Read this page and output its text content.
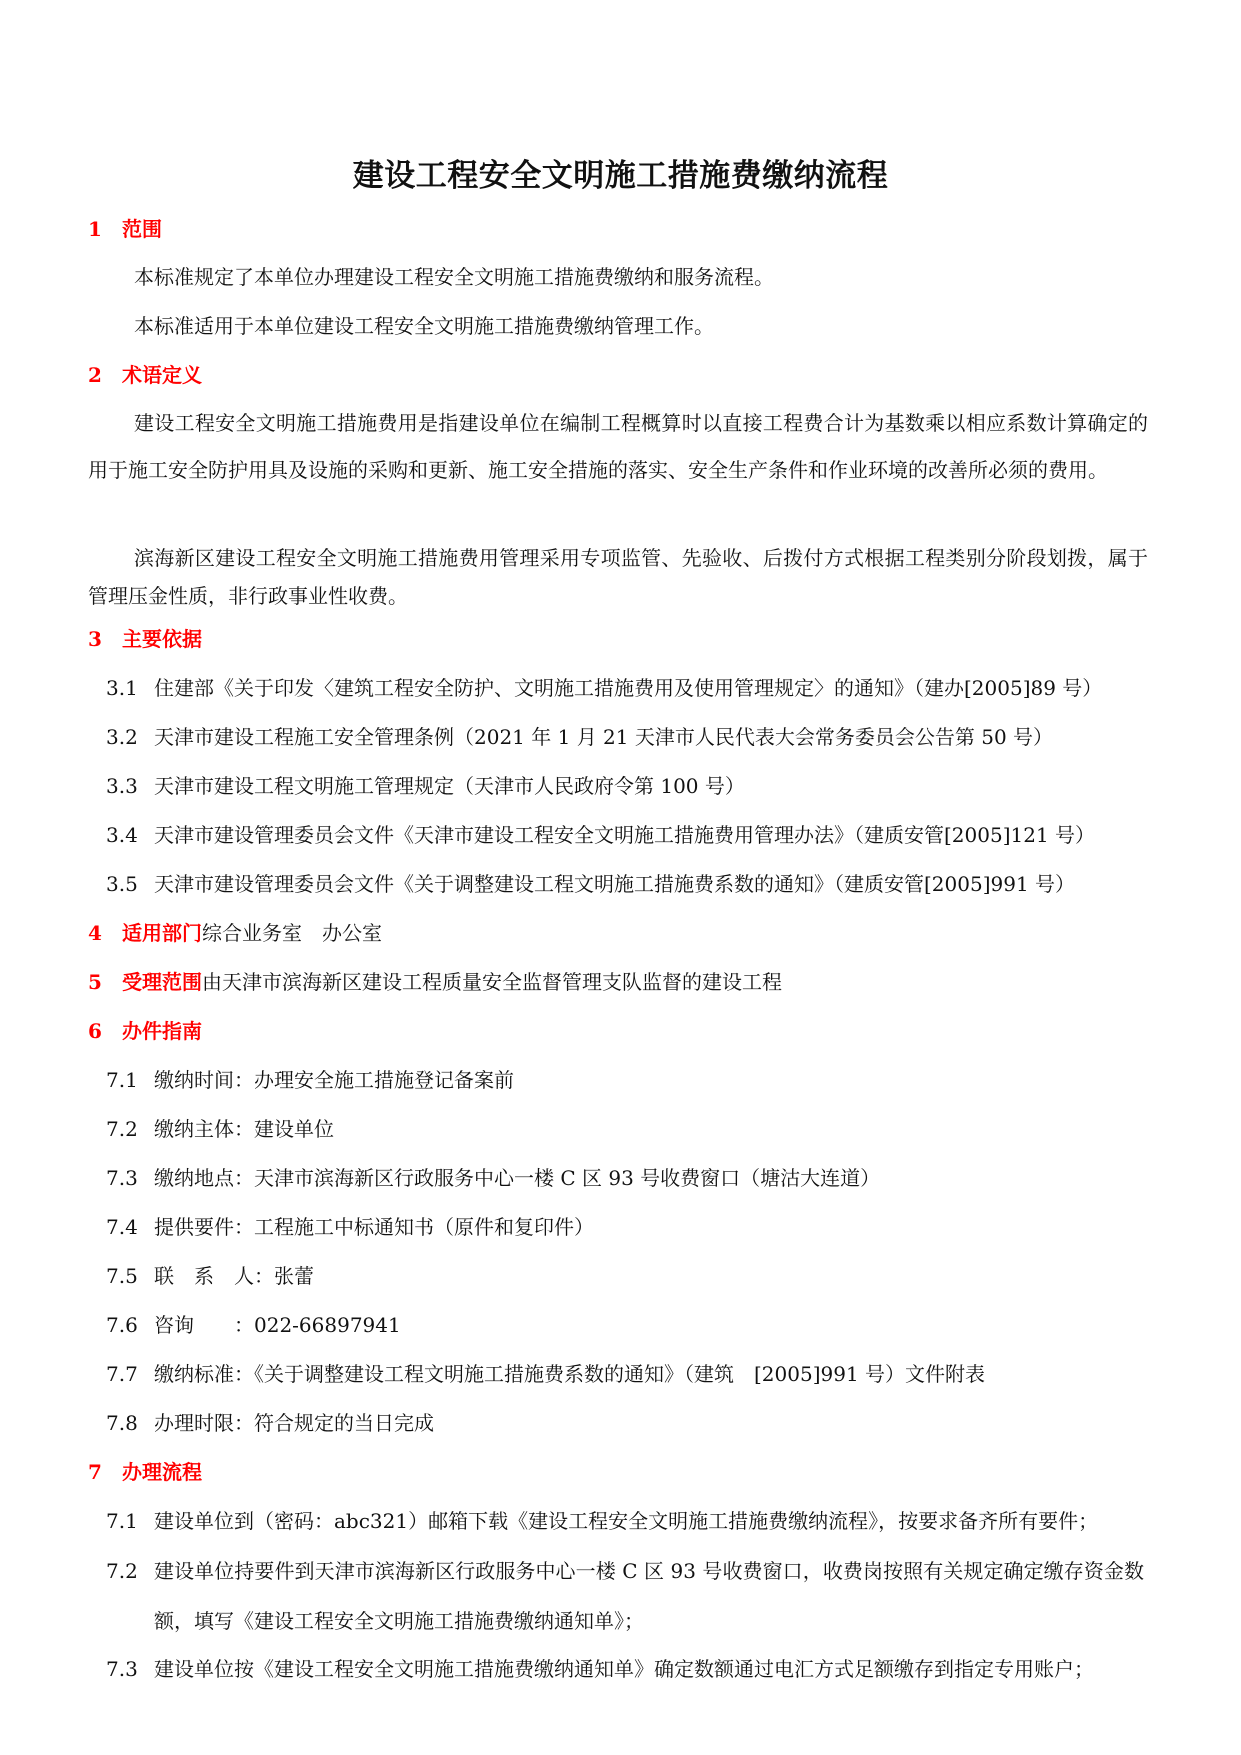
建设工程安全文明施工措施费缴纳流程
1 范围
本标准规定了本单位办理建设工程安全文明施工措施费缴纳和服务流程。
本标准适用于本单位建设工程安全文明施工措施费缴纳管理工作。
2 术语定义
建设工程安全文明施工措施费用是指建设单位在编制工程概算时以直接工程费合计为基数乘以相应系数计算确定的用于施工安全防护用具及设施的采购和更新、施工安全措施的落实、安全生产条件和作业环境的改善所必须的费用。
滨海新区建设工程安全文明施工措施费用管理采用专项监管、先验收、后拨付方式根据工程类别分阶段划拨，属于管理压金性质，非行政事业性收费。
3 主要依据
3.1 住建部《关于印发〈建筑工程安全防护、文明施工措施费用及使用管理规定〉的通知》（建办[2005]89 号）
3.2 天津市建设工程施工安全管理条例（2021 年 1 月 21 天津市人民代表大会常务委员会公告第 50 号）
3.3 天津市建设工程文明施工管理规定（天津市人民政府令第 100 号）
3.4 天津市建设管理委员会文件《天津市建设工程安全文明施工措施费用管理办法》（建质安管[2005]121 号）
3.5 天津市建设管理委员会文件《关于调整建设工程文明施工措施费系数的通知》（建质安管[2005]991 号）
4 适用部门综合业务室　办公室
5 受理范围由天津市滨海新区建设工程质量安全监督管理支队监督的建设工程
6 办件指南
7.1 缴纳时间：办理安全施工措施登记备案前
7.2 缴纳主体：建设单位
7.3 缴纳地点：天津市滨海新区行政服务中心一楼 C 区 93 号收费窗口（塘沽大连道）
7.4 提供要件：工程施工中标通知书（原件和复印件）
7.5 联　系　人：张蕾
7.6 咨询　　：022-66897941
7.7 缴纳标准：《关于调整建设工程文明施工措施费系数的通知》（建筑　[2005]991 号）文件附表
7.8 办理时限：符合规定的当日完成
7 办理流程
7.1 建设单位到（密码：abc321）邮箱下载《建设工程安全文明施工措施费缴纳流程》，按要求备齐所有要件；
7.2 建设单位持要件到天津市滨海新区行政服务中心一楼 C 区 93 号收费窗口，收费岗按照有关规定确定缴存资金数额，填写《建设工程安全文明施工措施费缴纳通知单》；
7.3 建设单位按《建设工程安全文明施工措施费缴纳通知单》确定数额通过电汇方式足额缴存到指定专用账户；
